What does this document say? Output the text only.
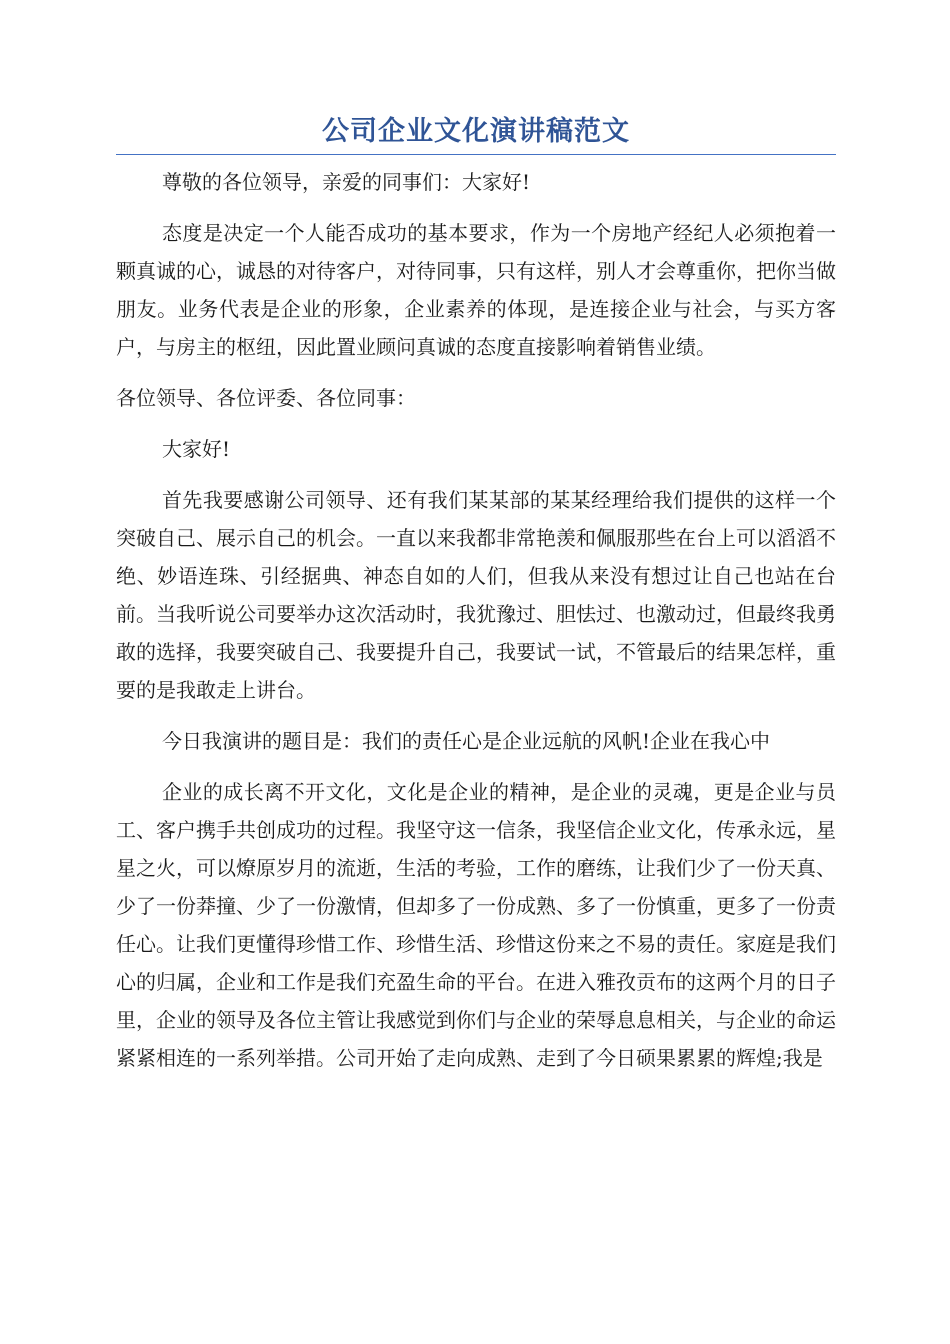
公司企业文化演讲稿范文

尊敬的各位领导，亲爱的同事们：大家好!

态度是决定一个人能否成功的基本要求，作为一个房地产经纪人必须抱着一颗真诚的心，诚恳的对待客户，对待同事，只有这样，别人才会尊重你，把你当做朋友。业务代表是企业的形象，企业素养的体现，是连接企业与社会，与买方客户，与房主的枢纽，因此置业顾问真诚的态度直接影响着销售业绩。

各位领导、各位评委、各位同事：

大家好!

首先我要感谢公司领导、还有我们某某部的某某经理给我们提供的这样一个突破自己、展示自己的机会。一直以来我都非常艳羡和佩服那些在台上可以滔滔不绝、妙语连珠、引经据典、神态自如的人们，但我从来没有想过让自己也站在台前。当我听说公司要举办这次活动时，我犹豫过、胆怯过、也激动过，但最终我勇敢的选择，我要突破自己、我要提升自己，我要试一试，不管最后的结果怎样，重要的是我敢走上讲台。

今日我演讲的题目是：我们的责任心是企业远航的风帆!企业在我心中

企业的成长离不开文化，文化是企业的精神，是企业的灵魂，更是企业与员工、客户携手共创成功的过程。我坚守这一信条，我坚信企业文化，传承永远，星星之火，可以燎原岁月的流逝，生活的考验，工作的磨练，让我们少了一份天真、少了一份莽撞、少了一份激情，但却多了一份成熟、多了一份慎重，更多了一份责任心。让我们更懂得珍惜工作、珍惜生活、珍惜这份来之不易的责任。家庭是我们心的归属，企业和工作是我们充盈生命的平台。在进入雅孜贡布的这两个月的日子里，企业的领导及各位主管让我感觉到你们与企业的荣辱息息相关，与企业的命运紧紧相连的一系列举措。公司开始了走向成熟、走到了今日硕果累累的辉煌;我是
